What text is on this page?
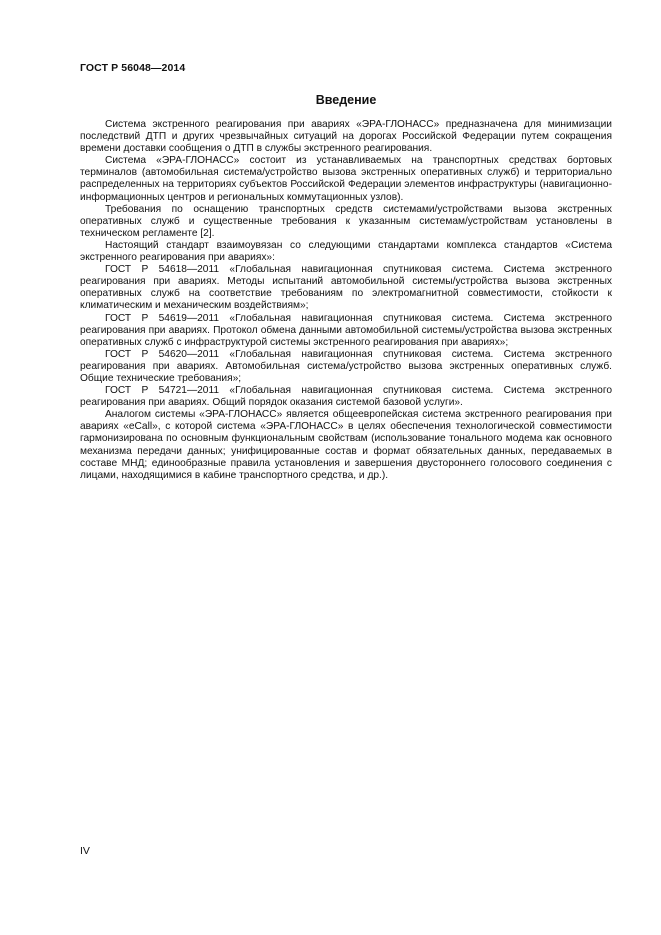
ГОСТ Р 56048—2014
Введение

Система экстренного реагирования при авариях «ЭРА-ГЛОНАСС» предназначена для минимизации последствий ДТП и других чрезвычайных ситуаций на дорогах Российской Федерации путем сокращения времени доставки сообщения о ДТП в службы экстренного реагирования.

Система «ЭРА-ГЛОНАСС» состоит из устанавливаемых на транспортных средствах бортовых терминалов (автомобильная система/устройство вызова экстренных оперативных служб) и территориально распределенных на территориях субъектов Российской Федерации элементов инфраструктуры (навигационно-информационных центров и региональных коммутационных узлов).

Требования по оснащению транспортных средств системами/устройствами вызова экстренных оперативных служб и существенные требования к указанным системам/устройствам установлены в техническом регламенте [2].

Настоящий стандарт взаимоувязан со следующими стандартами комплекса стандартов «Система экстренного реагирования при авариях»:

ГОСТ Р 54618—2011 «Глобальная навигационная спутниковая система. Система экстренного реагирования при авариях. Методы испытаний автомобильной системы/устройства вызова экстренных оперативных служб на соответствие требованиям по электромагнитной совместимости, стойкости к климатическим и механическим воздействиям»;

ГОСТ Р 54619—2011 «Глобальная навигационная спутниковая система. Система экстренного реагирования при авариях. Протокол обмена данными автомобильной системы/устройства вызова экстренных оперативных служб с инфраструктурой системы экстренного реагирования при авариях»;

ГОСТ Р 54620—2011 «Глобальная навигационная спутниковая система. Система экстренного реагирования при авариях. Автомобильная система/устройство вызова экстренных оперативных служб. Общие технические требования»;

ГОСТ Р 54721—2011 «Глобальная навигационная спутниковая система. Система экстренного реагирования при авариях. Общий порядок оказания системой базовой услуги».

Аналогом системы «ЭРА-ГЛОНАСС» является общеевропейская система экстренного реагирования при авариях «eCall», с которой система «ЭРА-ГЛОНАСС» в целях обеспечения технологической совместимости гармонизирована по основным функциональным свойствам (использование тонального модема как основного механизма передачи данных; унифицированные состав и формат обязательных данных, передаваемых в составе МНД; единообразные правила установления и завершения двустороннего голосового соединения с лицами, находящимися в кабине транспортного средства, и др.).

IV
